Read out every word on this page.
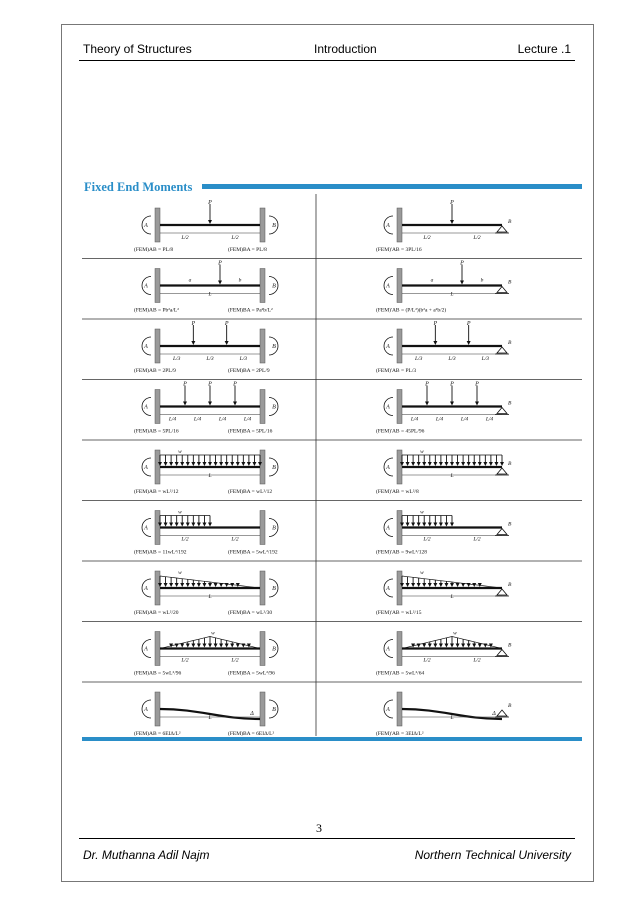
Theory of Structures	Introduction	Lecture .1
Fixed End Moments
A	B
P
L/2	L/2
(FEM)AB = PL/8	(FEM)BA = PL/8
A
B
P
L/2	L/2
(FEM)'AB = 3PL/16
A	B
P
a	b
L
(FEM)AB = Pb²a/L²	(FEM)BA = Pa²b/L²
A
B
P
a	b
L
(FEM)'AB = (P/L²)(b²a + a²b/2)
A	B
P	P
L/3	L/3	L/3
(FEM)AB = 2PL/9	(FEM)BA = 2PL/9
A
B
P	P
L/3	L/3	L/3
(FEM)'AB = PL/3
A	B
P	P	P
L/4	L/4	L/4	L/4
(FEM)AB = 5PL/16	(FEM)BA = 5PL/16
A
B
P	P	P
L/4	L/4	L/4	L/4
(FEM)'AB = 45PL/96
A	B
w
L
(FEM)AB = wL²/12	(FEM)BA = wL²/12
A
B
w
L
(FEM)'AB = wL²/8
A	B
w
L/2	L/2
(FEM)AB = 11wL²/192	(FEM)BA = 5wL²/192
A
B
w
L/2	L/2
(FEM)'AB = 9wL²/128
A	B
w
L
(FEM)AB = wL²/20	(FEM)BA = wL²/30
A
B
w
L
(FEM)'AB = wL²/15
A	B
w
L/2	L/2
(FEM)AB = 5wL²/96	(FEM)BA = 5wL²/96
A
B
w
L/2	L/2
(FEM)'AB = 5wL²/64
A	B
Δ
L
(FEM)AB = 6EIΔ/L²	(FEM)BA = 6EIΔ/L²
A
B
Δ
L
(FEM)'AB = 3EIΔ/L²
3
Dr. Muthanna Adil Najm	Northern Technical University
